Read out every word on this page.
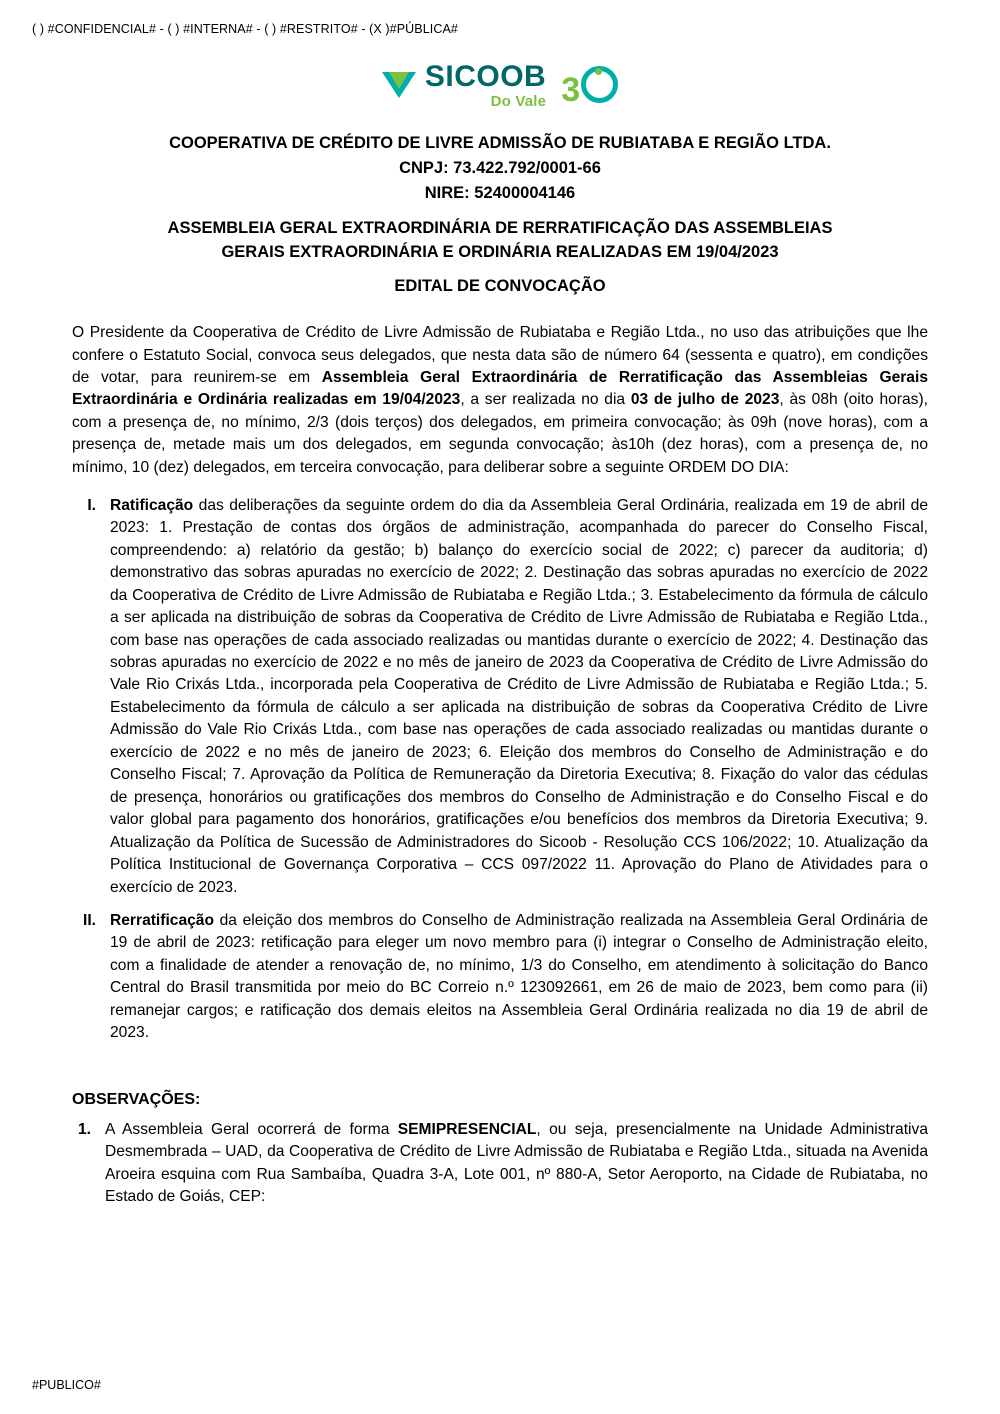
( ) #CONFIDENCIAL# - ( ) #INTERNA# - ( ) #RESTRITO# - (X )#PÚBLICA#
SICOOB
Do Vale 3
COOPERATIVA DE CRÉDITO DE LIVRE ADMISSÃO DE RUBIATABA E REGIÃO LTDA.
CNPJ: 73.422.792/0001-66
NIRE: 52400004146
ASSEMBLEIA GERAL EXTRAORDINÁRIA DE RERRATIFICAÇÃO DAS ASSEMBLEIAS
GERAIS EXTRAORDINÁRIA E ORDINÁRIA REALIZADAS EM 19/04/2023
EDITAL DE CONVOCAÇÃO

O Presidente da Cooperativa de Crédito de Livre Admissão de Rubiataba e Região Ltda., no uso das atribuições que lhe confere o Estatuto Social, convoca seus delegados, que nesta data são de número 64 (sessenta e quatro), em condições de votar, para reunirem-se em Assembleia Geral Extraordinária de Rerratificação das Assembleias Gerais Extraordinária e Ordinária realizadas em 19/04/2023, a ser realizada no dia 03 de julho de 2023, às 08h (oito horas), com a presença de, no mínimo, 2/3 (dois terços) dos delegados, em primeira convocação; às 09h (nove horas), com a presença de, metade mais um dos delegados, em segunda convocação; às10h (dez horas), com a presença de, no mínimo, 10 (dez) delegados, em terceira convocação, para deliberar sobre a seguinte ORDEM DO DIA:

I. Ratificação das deliberações da seguinte ordem do dia da Assembleia Geral Ordinária, realizada em 19 de abril de 2023: 1. Prestação de contas dos órgãos de administração, acompanhada do parecer do Conselho Fiscal, compreendendo: a) relatório da gestão; b) balanço do exercício social de 2022; c) parecer da auditoria; d) demonstrativo das sobras apuradas no exercício de 2022; 2. Destinação das sobras apuradas no exercício de 2022 da Cooperativa de Crédito de Livre Admissão de Rubiataba e Região Ltda.; 3. Estabelecimento da fórmula de cálculo a ser aplicada na distribuição de sobras da Cooperativa de Crédito de Livre Admissão de Rubiataba e Região Ltda., com base nas operações de cada associado realizadas ou mantidas durante o exercício de 2022; 4. Destinação das sobras apuradas no exercício de 2022 e no mês de janeiro de 2023 da Cooperativa de Crédito de Livre Admissão do Vale Rio Crixás Ltda., incorporada pela Cooperativa de Crédito de Livre Admissão de Rubiataba e Região Ltda.; 5. Estabelecimento da fórmula de cálculo a ser aplicada na distribuição de sobras da Cooperativa Crédito de Livre Admissão do Vale Rio Crixás Ltda., com base nas operações de cada associado realizadas ou mantidas durante o exercício de 2022 e no mês de janeiro de 2023; 6. Eleição dos membros do Conselho de Administração e do Conselho Fiscal; 7. Aprovação da Política de Remuneração da Diretoria Executiva; 8. Fixação do valor das cédulas de presença, honorários ou gratificações dos membros do Conselho de Administração e do Conselho Fiscal e do valor global para pagamento dos honorários, gratificações e/ou benefícios dos membros da Diretoria Executiva; 9. Atualização da Política de Sucessão de Administradores do Sicoob - Resolução CCS 106/2022; 10. Atualização da Política Institucional de Governança Corporativa – CCS 097/2022 11. Aprovação do Plano de Atividades para o exercício de 2023.
II. Rerratificação da eleição dos membros do Conselho de Administração realizada na Assembleia Geral Ordinária de 19 de abril de 2023: retificação para eleger um novo membro para (i) integrar o Conselho de Administração eleito, com a finalidade de atender a renovação de, no mínimo, 1/3 do Conselho, em atendimento à solicitação do Banco Central do Brasil transmitida por meio do BC Correio n.º 123092661, em 26 de maio de 2023, bem como para (ii) remanejar cargos; e ratificação dos demais eleitos na Assembleia Geral Ordinária realizada no dia 19 de abril de 2023.
OBSERVAÇÕES:
1. A Assembleia Geral ocorrerá de forma SEMIPRESENCIAL, ou seja, presencialmente na Unidade Administrativa Desmembrada – UAD, da Cooperativa de Crédito de Livre Admissão de Rubiataba e Região Ltda., situada na Avenida Aroeira esquina com Rua Sambaíba, Quadra 3-A, Lote 001, nº 880-A, Setor Aeroporto, na Cidade de Rubiataba, no Estado de Goiás, CEP:
#PUBLICO#
